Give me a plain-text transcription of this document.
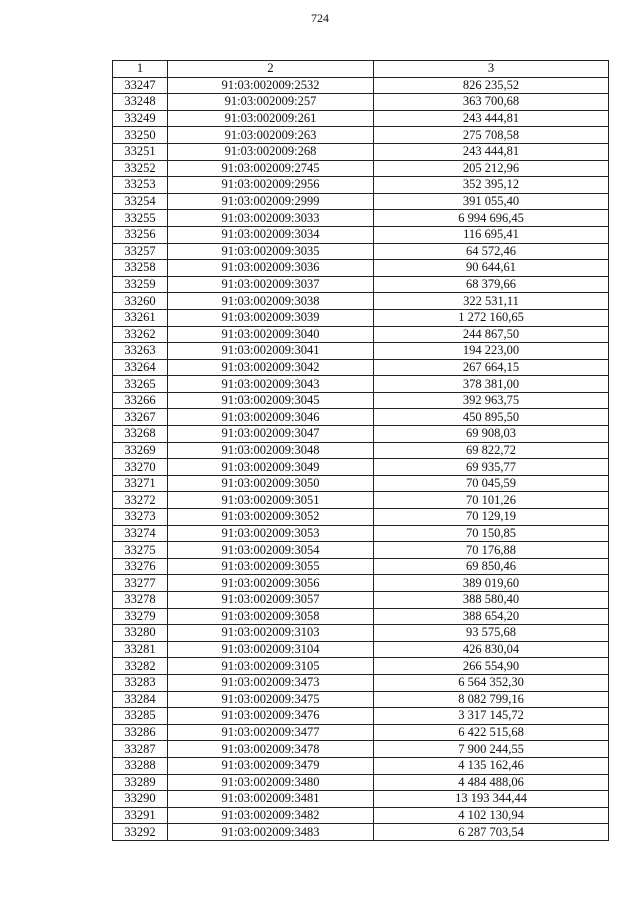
724
1	2	3
33247	91:03:002009:2532	826 235,52
33248	91:03:002009:257	363 700,68
33249	91:03:002009:261	243 444,81
33250	91:03:002009:263	275 708,58
33251	91:03:002009:268	243 444,81
33252	91:03:002009:2745	205 212,96
33253	91:03:002009:2956	352 395,12
33254	91:03:002009:2999	391 055,40
33255	91:03:002009:3033	6 994 696,45
33256	91:03:002009:3034	116 695,41
33257	91:03:002009:3035	64 572,46
33258	91:03:002009:3036	90 644,61
33259	91:03:002009:3037	68 379,66
33260	91:03:002009:3038	322 531,11
33261	91:03:002009:3039	1 272 160,65
33262	91:03:002009:3040	244 867,50
33263	91:03:002009:3041	194 223,00
33264	91:03:002009:3042	267 664,15
33265	91:03:002009:3043	378 381,00
33266	91:03:002009:3045	392 963,75
33267	91:03:002009:3046	450 895,50
33268	91:03:002009:3047	69 908,03
33269	91:03:002009:3048	69 822,72
33270	91:03:002009:3049	69 935,77
33271	91:03:002009:3050	70 045,59
33272	91:03:002009:3051	70 101,26
33273	91:03:002009:3052	70 129,19
33274	91:03:002009:3053	70 150,85
33275	91:03:002009:3054	70 176,88
33276	91:03:002009:3055	69 850,46
33277	91:03:002009:3056	389 019,60
33278	91:03:002009:3057	388 580,40
33279	91:03:002009:3058	388 654,20
33280	91:03:002009:3103	93 575,68
33281	91:03:002009:3104	426 830,04
33282	91:03:002009:3105	266 554,90
33283	91:03:002009:3473	6 564 352,30
33284	91:03:002009:3475	8 082 799,16
33285	91:03:002009:3476	3 317 145,72
33286	91:03:002009:3477	6 422 515,68
33287	91:03:002009:3478	7 900 244,55
33288	91:03:002009:3479	4 135 162,46
33289	91:03:002009:3480	4 484 488,06
33290	91:03:002009:3481	13 193 344,44
33291	91:03:002009:3482	4 102 130,94
33292	91:03:002009:3483	6 287 703,54
